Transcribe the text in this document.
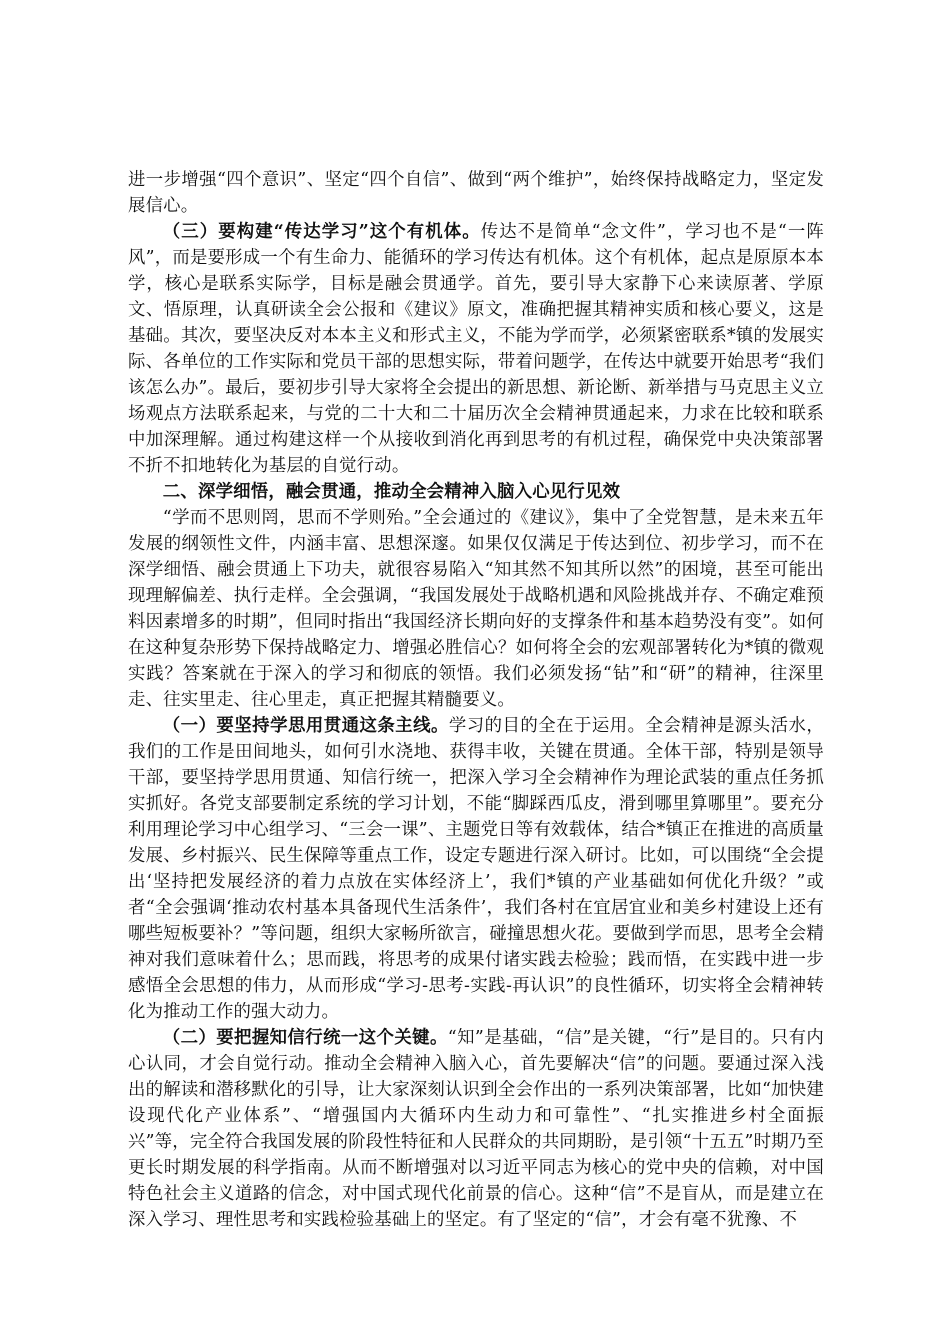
进一步增强“四个意识”、坚定“四个自信”、做到“两个维护”，始终保持战略定力，坚定发展信心。

（三）要构建“传达学习”这个有机体。传达不是简单“念文件”，学习也不是“一阵风”，而是要形成一个有生命力、能循环的学习传达有机体。这个有机体，起点是原原本本学，核心是联系实际学，目标是融会贯通学。首先，要引导大家静下心来读原著、学原文、悟原理，认真研读全会公报和《建议》原文，准确把握其精神实质和核心要义，这是基础。其次，要坚决反对本本主义和形式主义，不能为学而学，必须紧密联系*镇的发展实际、各单位的工作实际和党员干部的思想实际，带着问题学，在传达中就要开始思考“我们该怎么办”。最后，要初步引导大家将全会提出的新思想、新论断、新举措与马克思主义立场观点方法联系起来，与党的二十大和二十届历次全会精神贯通起来，力求在比较和联系中加深理解。通过构建这样一个从接收到消化再到思考的有机过程，确保党中央决策部署不折不扣地转化为基层的自觉行动。

二、深学细悟，融会贯通，推动全会精神入脑入心见行见效

“学而不思则罔，思而不学则殆。”全会通过的《建议》，集中了全党智慧，是未来五年发展的纲领性文件，内涵丰富、思想深邃。如果仅仅满足于传达到位、初步学习，而不在深学细悟、融会贯通上下功夫，就很容易陷入“知其然不知其所以然”的困境，甚至可能出现理解偏差、执行走样。全会强调，“我国发展处于战略机遇和风险挑战并存、不确定难预料因素增多的时期”，但同时指出“我国经济长期向好的支撑条件和基本趋势没有变”。如何在这种复杂形势下保持战略定力、增强必胜信心？如何将全会的宏观部署转化为*镇的微观实践？答案就在于深入的学习和彻底的领悟。我们必须发扬“钻”和“研”的精神，往深里走、往实里走、往心里走，真正把握其精髓要义。

（一）要坚持学思用贯通这条主线。学习的目的全在于运用。全会精神是源头活水，我们的工作是田间地头，如何引水浇地、获得丰收，关键在贯通。全体干部，特别是领导干部，要坚持学思用贯通、知信行统一，把深入学习全会精神作为理论武装的重点任务抓实抓好。各党支部要制定系统的学习计划，不能“脚踩西瓜皮，滑到哪里算哪里”。要充分利用理论学习中心组学习、“三会一课”、主题党日等有效载体，结合*镇正在推进的高质量发展、乡村振兴、民生保障等重点工作，设定专题进行深入研讨。比如，可以围绕“全会提出‘坚持把发展经济的着力点放在实体经济上’，我们*镇的产业基础如何优化升级？”或者“全会强调‘推动农村基本具备现代生活条件’，我们各村在宜居宜业和美乡村建设上还有哪些短板要补？”等问题，组织大家畅所欲言，碰撞思想火花。要做到学而思，思考全会精神对我们意味着什么；思而践，将思考的成果付诸实践去检验；践而悟，在实践中进一步感悟全会思想的伟力，从而形成“学习-思考-实践-再认识”的良性循环，切实将全会精神转化为推动工作的强大动力。

（二）要把握知信行统一这个关键。“知”是基础，“信”是关键，“行”是目的。只有内心认同，才会自觉行动。推动全会精神入脑入心，首先要解决“信”的问题。要通过深入浅出的解读和潜移默化的引导，让大家深刻认识到全会作出的一系列决策部署，比如“加快建设现代化产业体系”、“增强国内大循环内生动力和可靠性”、“扎实推进乡村全面振兴”等，完全符合我国发展的阶段性特征和人民群众的共同期盼，是引领“十五五”时期乃至更长时期发展的科学指南。从而不断增强对以习近平同志为核心的党中央的信赖，对中国特色社会主义道路的信念，对中国式现代化前景的信心。这种“信”不是盲从，而是建立在深入学习、理性思考和实践检验基础上的坚定。有了坚定的“信”，才会有毫不犹豫、不
